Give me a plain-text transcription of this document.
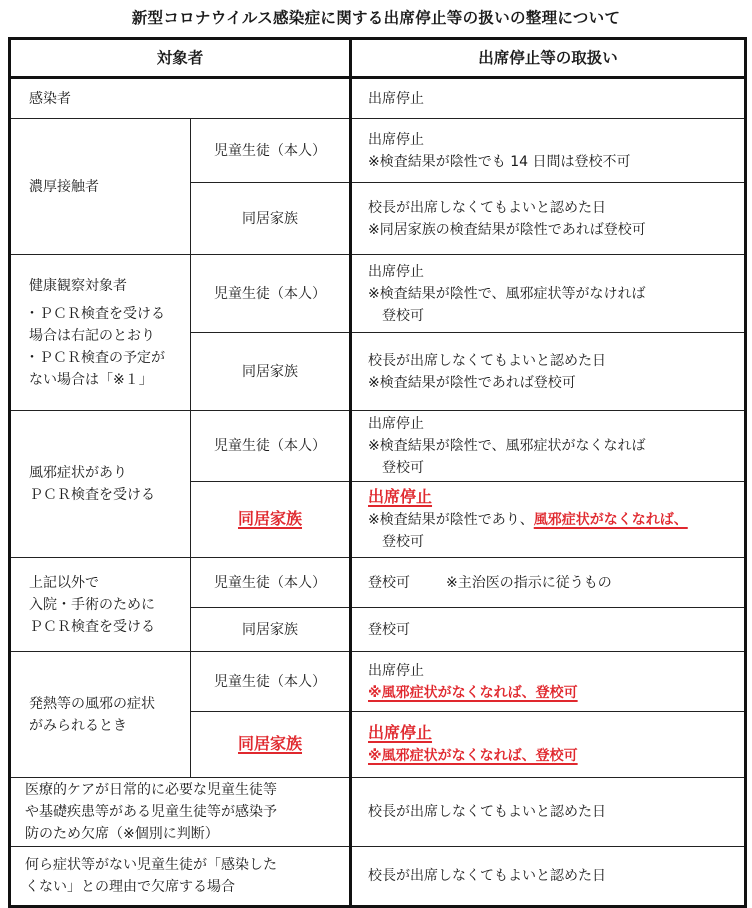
新型コロナウイルス感染症に関する出席停止等の扱いの整理について
対象者		出席停止等の取扱い
感染者		出席停止
濃厚接触者	児童生徒（本人）	出席停止
※検査結果が陰性でも 14 日間は登校不可

	同居家族	校長が出席しなくてもよいと認めた日
※同居家族の検査結果が陰性であれば登校可

健康観察対象者
・ＰＣＲ検査を受ける
場合は右記のとおり
・ＰＣＲ検査の予定が
ない場合は「※１」	児童生徒（本人）	出席停止
※検査結果が陰性で、風邪症状等がなければ
登校可

	同居家族	校長が出席しなくてもよいと認めた日
※検査結果が陰性であれば登校可

風邪症状があり
ＰＣＲ検査を受ける	児童生徒（本人）	出席停止
※検査結果が陰性で、風邪症状がなくなれば
登校可

	同居家族	出席停止
※検査結果が陰性であり、風邪症状がなくなれば、
登校可

上記以外で
入院・手術のために
ＰＣＲ検査を受ける	児童生徒（本人）	登校可 ※主治医の指示に従うもの
	同居家族	登校可

発熱等の風邪の症状
がみられるとき	児童生徒（本人）	出席停止
※風邪症状がなくなれば、登校可

	同居家族	出席停止
※風邪症状がなくなれば、登校可

医療的ケアが日常的に必要な児童生徒等
や基礎疾患等がある児童生徒等が感染予
防のため欠席（※個別に判断）		校長が出席しなくてもよいと認めた日

何ら症状等がない児童生徒が「感染した
くない」との理由で欠席する場合		校長が出席しなくてもよいと認めた日
